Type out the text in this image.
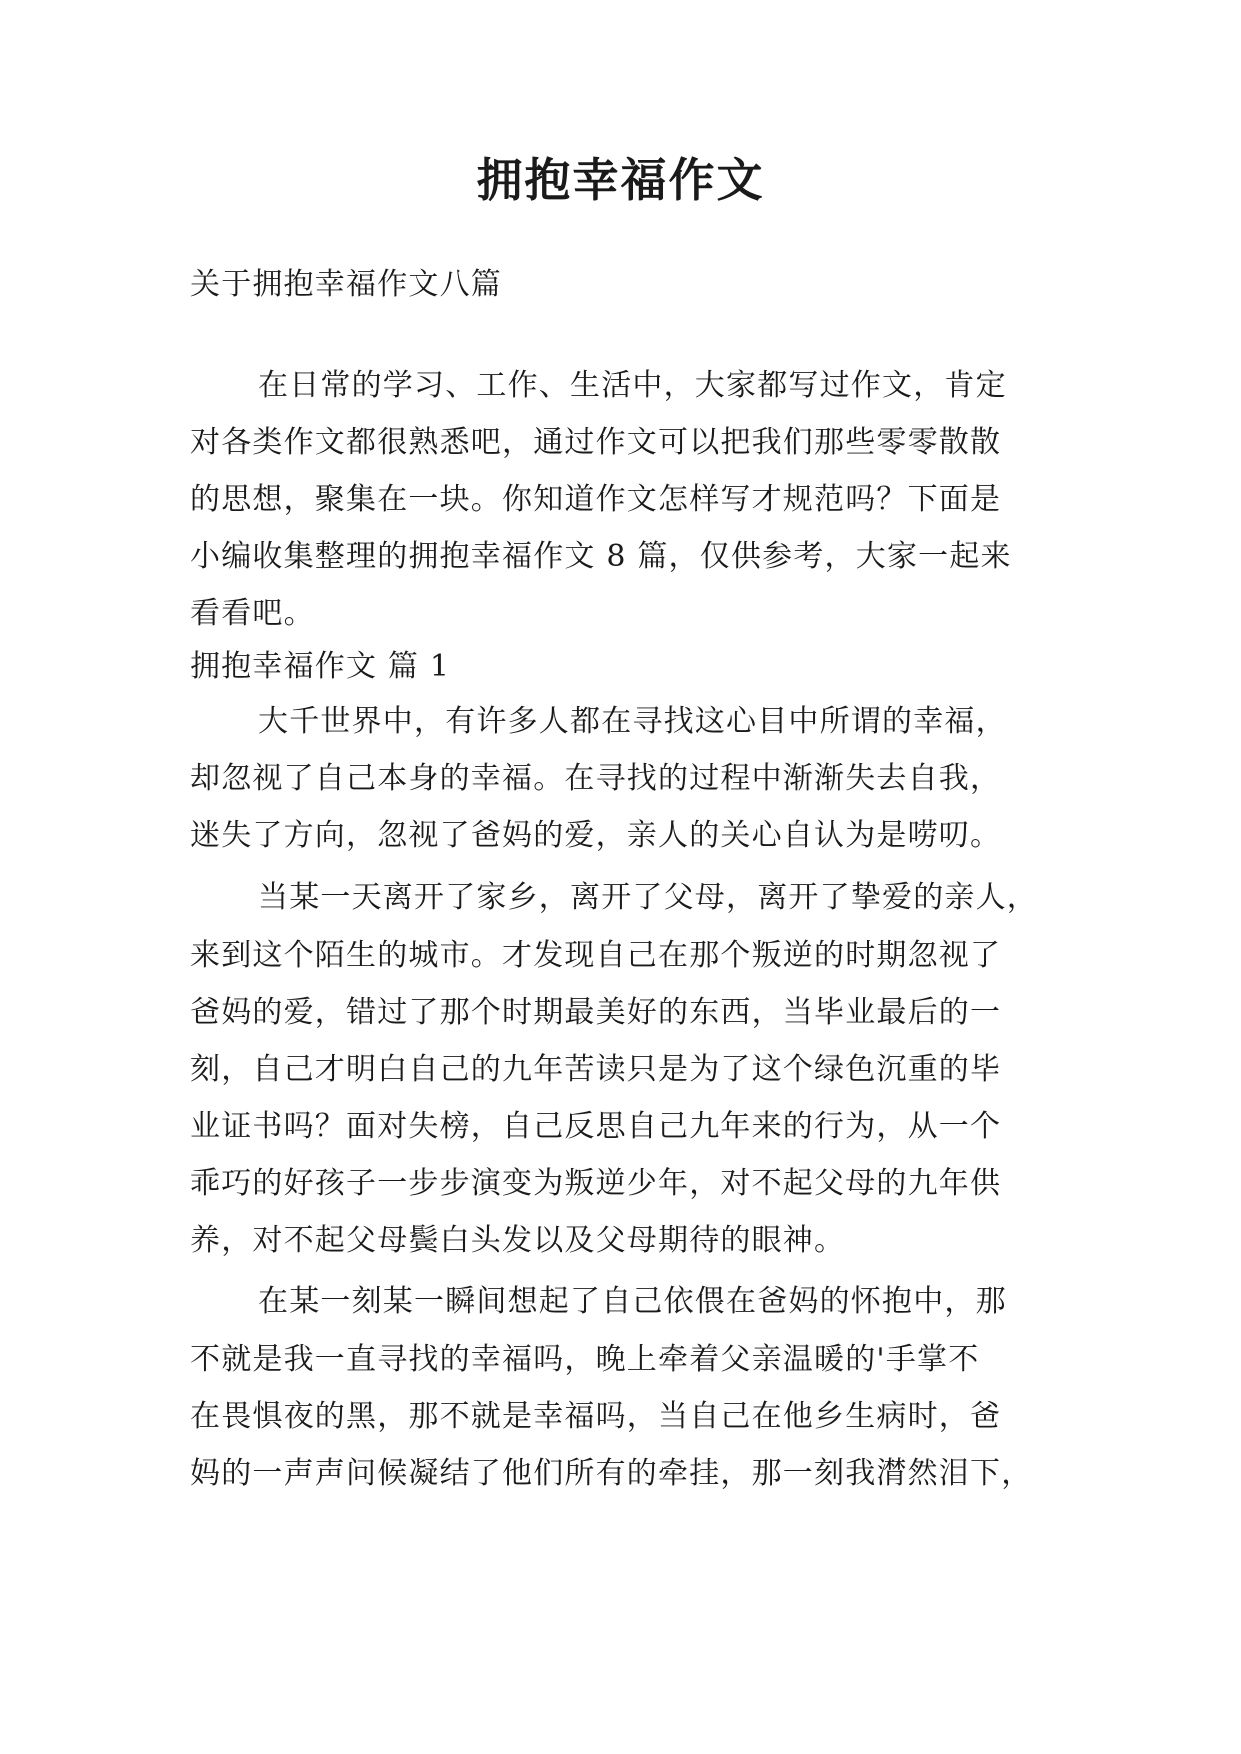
拥抱幸福作文
关于拥抱幸福作文八篇
在日常的学习、工作、生活中，大家都写过作文，肯定
对各类作文都很熟悉吧，通过作文可以把我们那些零零散散
的思想，聚集在一块。你知道作文怎样写才规范吗？下面是
小编收集整理的拥抱幸福作文 8 篇，仅供参考，大家一起来
看看吧。
拥抱幸福作文 篇 1
大千世界中，有许多人都在寻找这心目中所谓的幸福，
却忽视了自己本身的幸福。在寻找的过程中渐渐失去自我，
迷失了方向，忽视了爸妈的爱，亲人的关心自认为是唠叨。
当某一天离开了家乡，离开了父母，离开了挚爱的亲人，
来到这个陌生的城市。才发现自己在那个叛逆的时期忽视了
爸妈的爱，错过了那个时期最美好的东西，当毕业最后的一
刻，自己才明白自己的九年苦读只是为了这个绿色沉重的毕
业证书吗？面对失榜，自己反思自己九年来的行为，从一个
乖巧的好孩子一步步演变为叛逆少年，对不起父母的九年供
养，对不起父母鬓白头发以及父母期待的眼神。
在某一刻某一瞬间想起了自己依偎在爸妈的怀抱中，那
不就是我一直寻找的幸福吗，晚上牵着父亲温暖的'手掌不
在畏惧夜的黑，那不就是幸福吗，当自己在他乡生病时，爸
妈的一声声问候凝结了他们所有的牵挂，那一刻我潸然泪下，
